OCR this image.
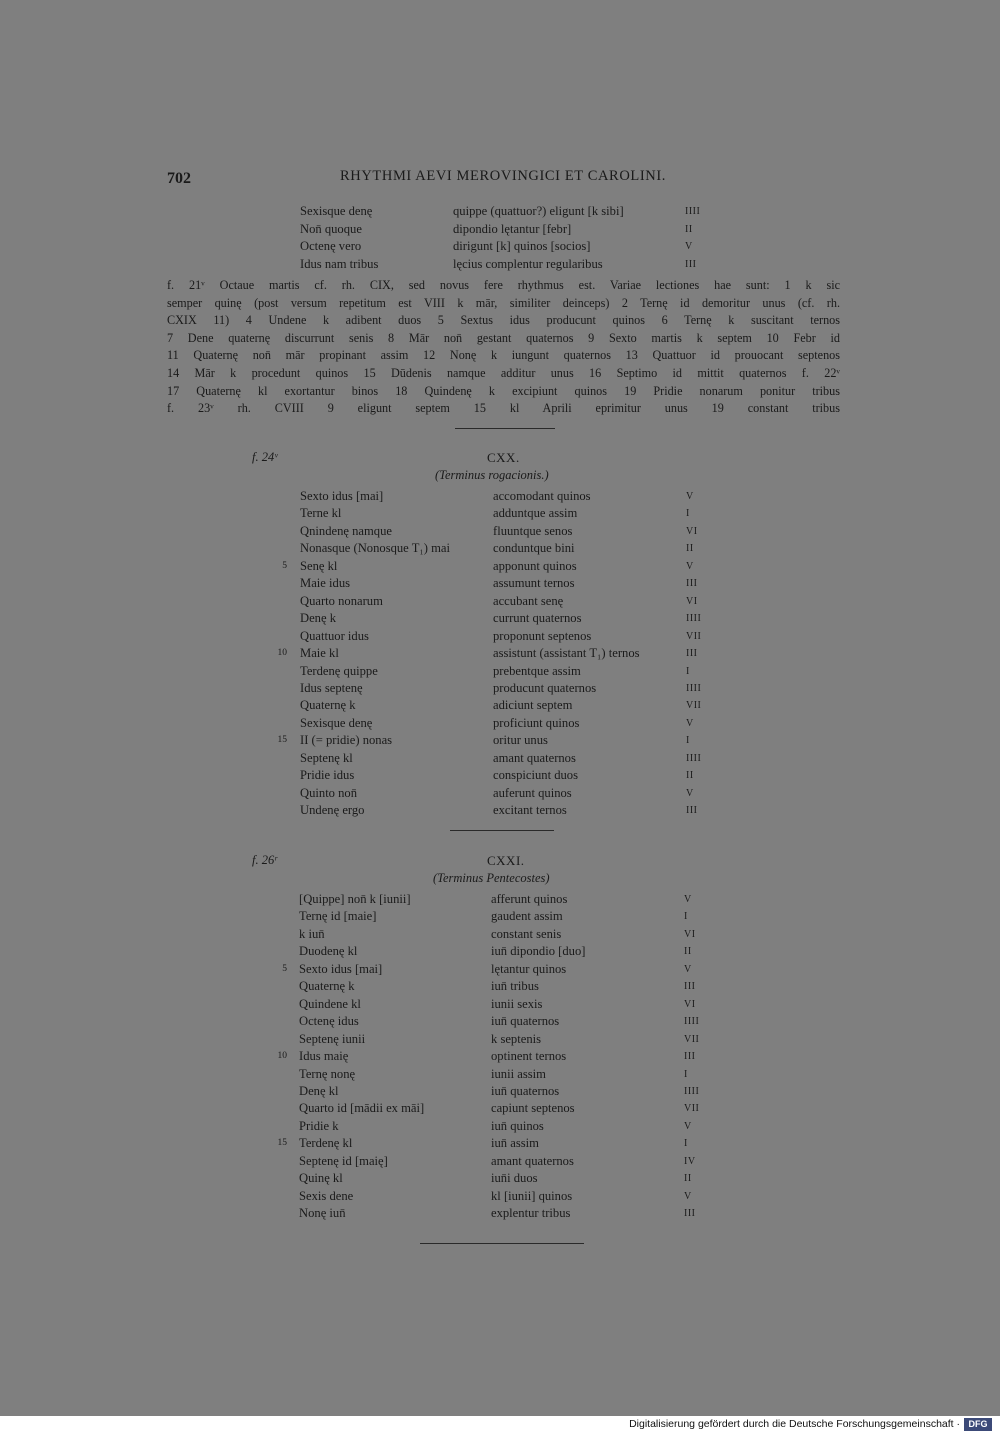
702	RHYTHMI AEVI MEROVINGICI ET CAROLINI.
Sexisque denę	quippe (quattuor?) eligunt [k sibi]	IIII
Non̄ quoque	dipondio lętantur [febr]	II
Octenę vero	dirigunt [k] quinos [socios]	V
Idus nam tribus	lęcius complentur regularibus	III
f. 21ᵛ Octaue martis cf. rh. CIX, sed novus fere rhythmus est. Variae lectiones hae sunt: 1 k sic
semper quinę (post versum repetitum est VIII k mār, similiter deinceps) 2 Ternę id demoritur unus (cf. rh.
CXIX 11) 4 Undene k adibent duos 5 Sextus idus producunt quinos 6 Ternę k suscitant ternos
7 Dene quaternę discurrunt senis 8 Mār non̄ gestant quaternos 9 Sexto martis k septem 10 Febr id
11 Quaternę non̄ mār propinant assim 12 Nonę k iungunt quaternos 13 Quattuor id prouocant septenos
14 Mār k procedunt quinos 15 Dūdenis namque additur unus 16 Septimo id mittit quaternos f. 22ᵛ
17 Quaternę kl exortantur binos 18 Quindenę k excipiunt quinos 19 Pridie nonarum ponitur tribus
f. 23ᵛ rh. CVIII 9 eligunt septem 15 kl Aprili eprimitur unus 19 constant tribus
f. 24ᵛ	CXX.
(Terminus rogacionis.)
Sexto idus [mai]	accomodant quinos	V
Terne kl	adduntque assim	I
Qnindenę namque	fluuntque senos	VI
Nonasque (Nonosque T₁) mai	conduntque bini	II
5 Senę kl	apponunt quinos	V
Maie idus	assumunt ternos	III
Quarto nonarum	accubant senę	VI
Denę k	currunt quaternos	IIII
Quattuor idus	proponunt septenos	VII
10 Maie kl	assistunt (assistant T₁) ternos	III
Terdenę quippe	prebentque assim	I
Idus septenę	producunt quaternos	IIII
Quaternę k	adiciunt septem	VII
Sexisque denę	proficiunt quinos	V
15 II (= pridie) nonas	oritur unus	I
Septenę kl	amant quaternos	IIII
Pridie idus	conspiciunt duos	II
Quinto non̄	auferunt quinos	V
Undenę ergo	excitant ternos	III
f. 26ʳ	CXXI.
(Terminus Pentecostes)
[Quippe] non̄ k [iunii]	afferunt quinos	V
Ternę id [maie]	gaudent assim	I
k iun̄	constant senis	VI
Duodenę kl	iun̄ dipondio [duo]	II
5 Sexto idus [mai]	lętantur quinos	V
Quaternę k	iun̄ tribus	III
Quindene kl	iunii sexis	VI
Octenę idus	iun̄ quaternos	IIII
Septenę iunii	k septenis	VII
10 Idus maię	optinent ternos	III
Ternę nonę	iunii assim	I
Denę kl	iun̄ quaternos	IIII
Quarto id [mādii ex māi]	capiunt septenos	VII
Pridie k	iun̄ quinos	V
15 Terdenę kl	iun̄ assim	I
Septenę id [maię]	amant quaternos	IV
Quinę kl	iun̄i duos	II
Sexis dene	kl [iunii] quinos	V
Nonę iun̄	explentur tribus	III
Digitalisierung gefördert durch die Deutsche Forschungsgemeinschaft · DFG
